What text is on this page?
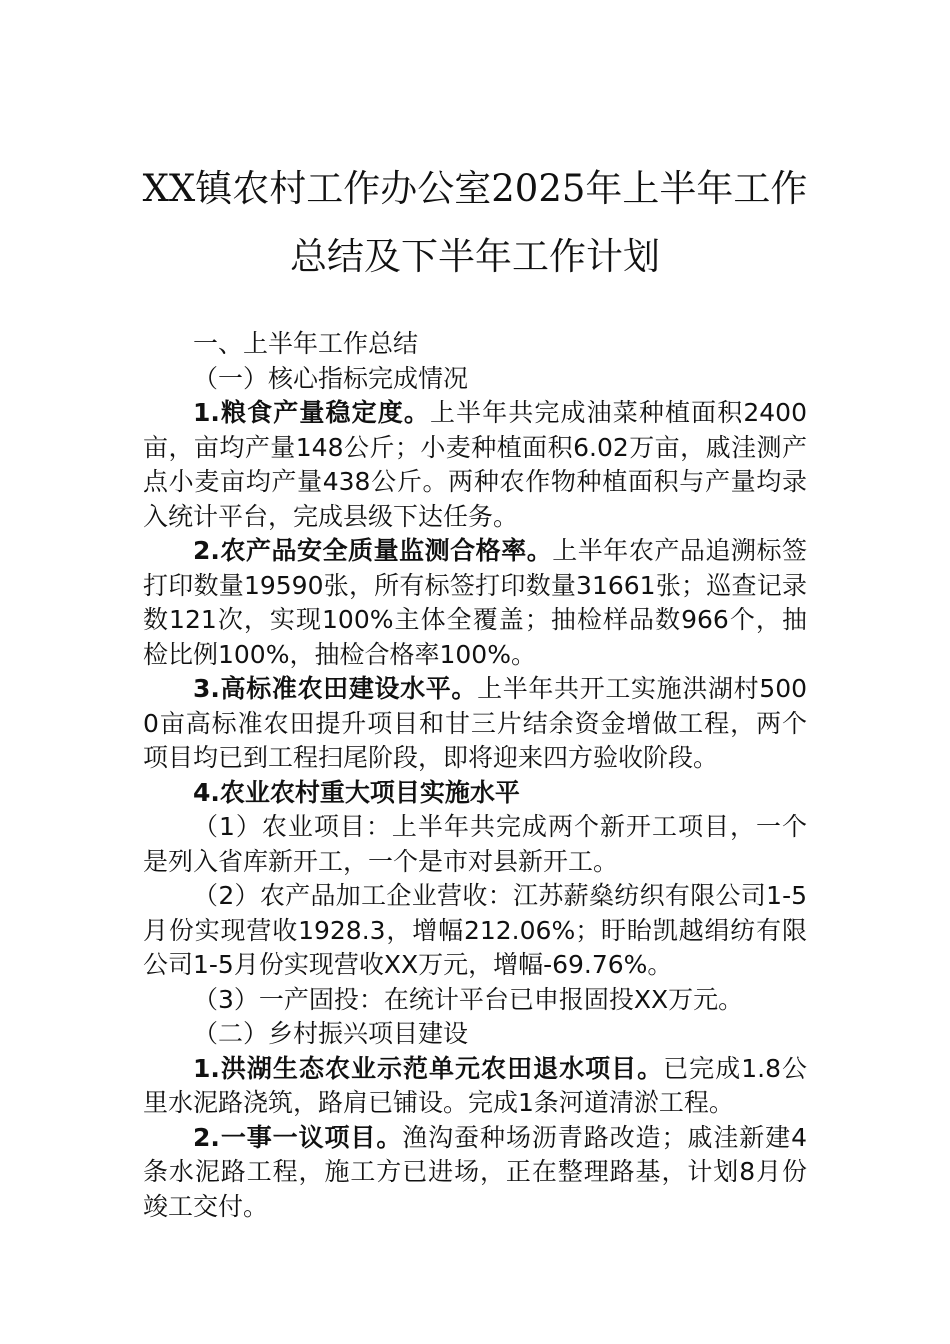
XX镇农村工作办公室2025年上半年工作
总结及下半年工作计划

一、上半年工作总结

（一）核心指标完成情况

1.粮食产量稳定度。上半年共完成油菜种植面积2400亩，亩均产量148公斤；小麦种植面积6.02万亩，戚洼测产点小麦亩均产量438公斤。两种农作物种植面积与产量均录入统计平台，完成县级下达任务。

2.农产品安全质量监测合格率。上半年农产品追溯标签打印数量19590张，所有标签打印数量31661张；巡查记录数121次，实现100%主体全覆盖；抽检样品数966个，抽检比例100%，抽检合格率100%。

3.高标准农田建设水平。上半年共开工实施洪湖村5000亩高标准农田提升项目和甘三片结余资金增做工程，两个项目均已到工程扫尾阶段，即将迎来四方验收阶段。

4.农业农村重大项目实施水平

（1）农业项目：上半年共完成两个新开工项目，一个是列入省库新开工，一个是市对县新开工。

（2）农产品加工企业营收：江苏薪燊纺织有限公司1-5月份实现营收1928.3，增幅212.06%；盱眙凯越绢纺有限公司1-5月份实现营收XX万元，增幅-69.76%。

（3）一产固投：在统计平台已申报固投XX万元。

（二）乡村振兴项目建设

1.洪湖生态农业示范单元农田退水项目。已完成1.8公里水泥路浇筑，路肩已铺设。完成1条河道清淤工程。

2.一事一议项目。渔沟蚕种场沥青路改造；戚洼新建4条水泥路工程，施工方已进场，正在整理路基，计划8月份竣工交付。
